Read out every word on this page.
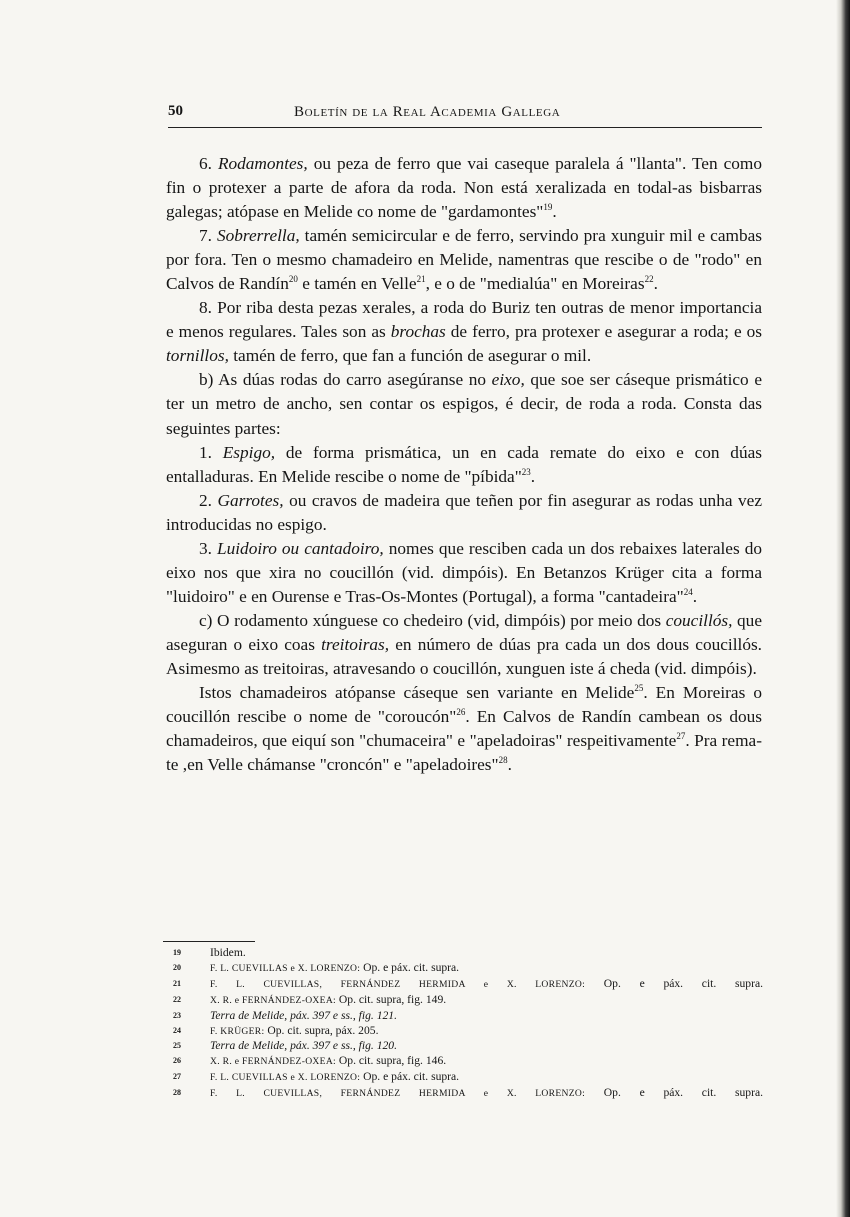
50	Boletín de la Real Academia Gallega

6. Rodamontes, ou peza de ferro que vai caseque paralela á "llanta". Ten como fin o protexer a parte de afora da roda. Non está xeralizada en todal-as bisbarras galegas; atópase en Melide co nome de "gardamontes"$^{19}$.

7. Sobrerrella, tamén semicircular e de ferro, servindo pra xunguir mil e cambas por fora. Ten o mesmo chamadeiro en Melide, namentras que rescibe o de "rodo" en Calvos de Randín$^{20}$ e tamén en Velle$^{21}$, e o de "medialúa" en Moreiras$^{22}$.

8. Por riba desta pezas xerales, a roda do Buriz ten outras de menor importancia e menos regulares. Tales son as brochas de ferro, pra protexer e asegurar a roda; e os tornillos, tamén de ferro, que fan a función de asegurar o mil.

b) As dúas rodas do carro asegúranse no eixo, que soe ser cáseque prismático e ter un metro de ancho, sen contar os espigos, é decir, de roda a roda. Consta das seguintes partes:

1. Espigo, de forma prismática, un en cada remate do eixo e con dúas entalladuras. En Melide rescibe o nome de "píbida"$^{23}$.

2. Garrotes, ou cravos de madeira que teñen por fin asegurar as rodas unha vez introducidas no espigo.

3. Luidoiro ou cantadoiro, nomes que resciben cada un dos rebaixes laterales do eixo nos que xira no coucillón (vid. dimpóis). En Betanzos Krüger cita a forma "luidoiro" e en Ourense e Tras-Os-Montes (Portugal), a forma "cantadeira"$^{24}$.

c) O rodamento xúnguese co chedeiro (vid, dimpóis) por meio dos coucillós, que aseguran o eixo coas treitoiras, en número de dúas pra cada un dos dous coucillós. Asimesmo as treitoiras, atravesando o coucillón, xunguen iste á cheda (vid. dimpóis).

Istos chamadeiros atópanse cáseque sen variante en Melide$^{25}$. En Moreiras o coucillón rescibe o nome de "coroucón"$^{26}$. En Calvos de Randín cambean os dous chamadeiros, que eiquí son "chumaceira" e "apeladoiras" respeitivamente$^{27}$. Pra remate ,en Velle chámanse "croncón" e "apeladoires"$^{28}$.

19	Ibidem.
20	F. L. CUEVILLAS e X. LORENZO: Op. e páx. cit. supra.
21	F. L. CUEVILLAS, FERNÁNDEZ HERMIDA e X. LORENZO: Op. e páx. cit. supra.
22	X. R. e FERNÁNDEZ-OXEA: Op. cit. supra, fig. 149.
23	Terra de Melide, páx. 397 e ss., fig. 121.
24	F. KRÜGER: Op. cit. supra, páx. 205.
25	Terra de Melide, páx. 397 e ss., fig. 120.
26	X. R. e FERNÁNDEZ-OXEA: Op. cit. supra, fig. 146.
27	F. L. CUEVILLAS e X. LORENZO: Op. e páx. cit. supra.
28	F. L. CUEVILLAS, FERNÁNDEZ HERMIDA e X. LORENZO: Op. e páx. cit. supra.
